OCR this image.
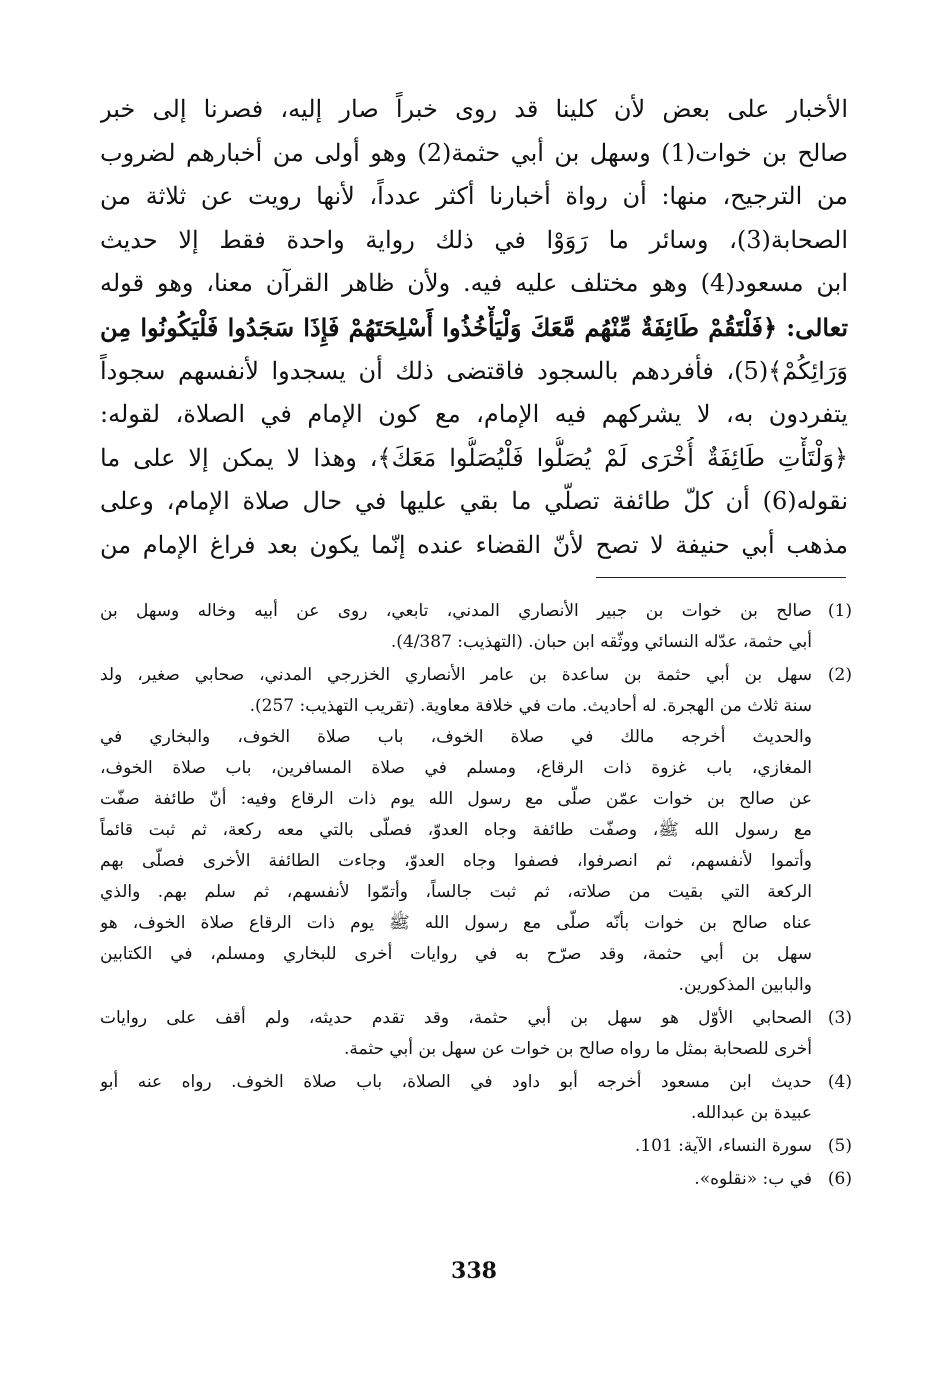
الأخبار على بعض لأن كلينا قد روى خبراً صار إليه، فصرنا إلى خبر
صالح بن خوات(1) وسهل بن أبي حثمة(2) وهو أولى من أخبارهم لضروب
من الترجيح، منها: أن رواة أخبارنا أكثر عدداً، لأنها رويت عن ثلاثة من
الصحابة(3)، وسائر ما رَوَوْا في ذلك رواية واحدة فقط إلا حديث
ابن مسعود(4) وهو مختلف عليه فيه. ولأن ظاهر القرآن معنا، وهو قوله
تعالى: ﴿فَلْتَقُمْ طَائِفَةٌ مِّنْهُم مَّعَكَ وَلْيَأْخُذُوا أَسْلِحَتَهُمْ فَإِذَا سَجَدُوا فَلْيَكُونُوا مِن
وَرَائِكُمْ﴾(5)، فأفردهم بالسجود فاقتضى ذلك أن يسجدوا لأنفسهم سجوداً
يتفردون به، لا يشركهم فيه الإمام، مع كون الإمام في الصلاة، لقوله:
﴿وَلْتَأْتِ طَائِفَةٌ أُخْرَى لَمْ يُصَلُّوا فَلْيُصَلُّوا مَعَكَ﴾، وهذا لا يمكن إلا على ما
نقوله(6) أن كلّ طائفة تصلّي ما بقي عليها في حال صلاة الإمام، وعلى
مذهب أبي حنيفة لا تصح لأنّ القضاء عنده إنّما يكون بعد فراغ الإمام من
(1)
صالح بن خوات بن جبير الأنصاري المدني، تابعي، روى عن أبيه وخاله وسهل بن
أبي حثمة، عدّله النسائي ووثّقه ابن حبان. (التهذيب: 4/387).
(2)
سهل بن أبي حثمة بن ساعدة بن عامر الأنصاري الخزرجي المدني، صحابي صغير، ولد
سنة ثلاث من الهجرة. له أحاديث. مات في خلافة معاوية. (تقريب التهذيب: 257).
والحديث أخرجه مالك في صلاة الخوف، باب صلاة الخوف، والبخاري في
المغازي، باب غزوة ذات الرقاع، ومسلم في صلاة المسافرين، باب صلاة الخوف،
عن صالح بن خوات عمّن صلّى مع رسول الله يوم ذات الرقاع وفيه: أنّ طائفة صفّت
مع رسول الله ﷺ، وصفّت طائفة وجاه العدوّ، فصلّى بالتي معه ركعة، ثم ثبت قائماً
وأتموا لأنفسهم، ثم انصرفوا، فصفوا وجاه العدوّ، وجاءت الطائفة الأخرى فصلّى بهم
الركعة التي بقيت من صلاته، ثم ثبت جالساً، وأتمّوا لأنفسهم، ثم سلم بهم. والذي
عناه صالح بن خوات بأنّه صلّى مع رسول الله ﷺ يوم ذات الرقاع صلاة الخوف، هو
سهل بن أبي حثمة، وقد صرّح به في روايات أخرى للبخاري ومسلم، في الكتابين
والبابين المذكورين.
(3)
الصحابي الأوّل هو سهل بن أبي حثمة، وقد تقدم حديثه، ولم أقف على روايات
أخرى للصحابة بمثل ما رواه صالح بن خوات عن سهل بن أبي حثمة.
(4)
حديث ابن مسعود أخرجه أبو داود في الصلاة، باب صلاة الخوف. رواه عنه أبو
عبيدة بن عبدالله.
(5)
سورة النساء، الآية: 101.
(6)
في ب: «نقلوه».
338
